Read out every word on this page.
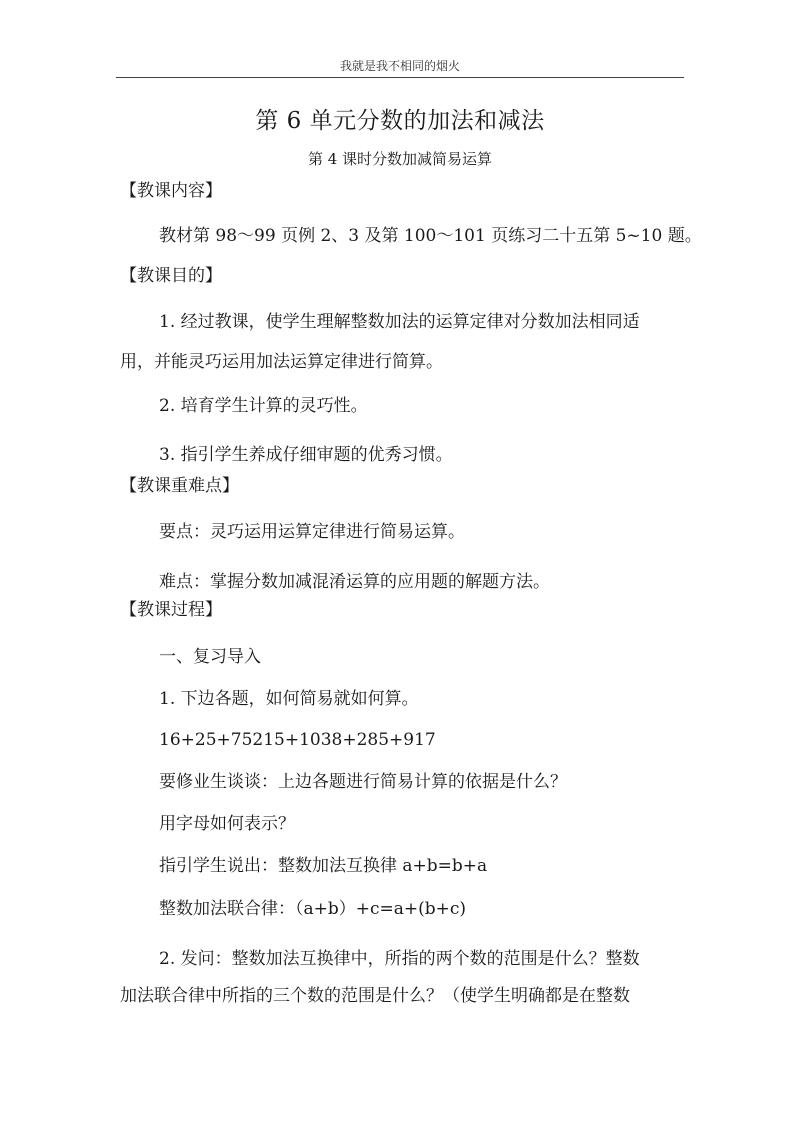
我就是我不相同的烟火
第 6 单元分数的加法和减法
第 4 课时分数加减简易运算
【教课内容】
教材第 98～99 页例 2、3 及第 100～101 页练习二十五第 5~10 题。
【教课目的】
1. 经过教课，使学生理解整数加法的运算定律对分数加法相同适
用，并能灵巧运用加法运算定律进行简算。
2. 培育学生计算的灵巧性。
3. 指引学生养成仔细审题的优秀习惯。
【教课重难点】
要点：灵巧运用运算定律进行简易运算。
难点：掌握分数加减混淆运算的应用题的解题方法。
【教课过程】
一、复习导入
1. 下边各题，如何简易就如何算。
16+25+75215+1038+285+917
要修业生谈谈：上边各题进行简易计算的依据是什么？
用字母如何表示？
指引学生说出：整数加法互换律 a+b=b+a
整数加法联合律：（a+b）+c=a+(b+c)
2. 发问：整数加法互换律中，所指的两个数的范围是什么？整数
加法联合律中所指的三个数的范围是什么？（使学生明确都是在整数
